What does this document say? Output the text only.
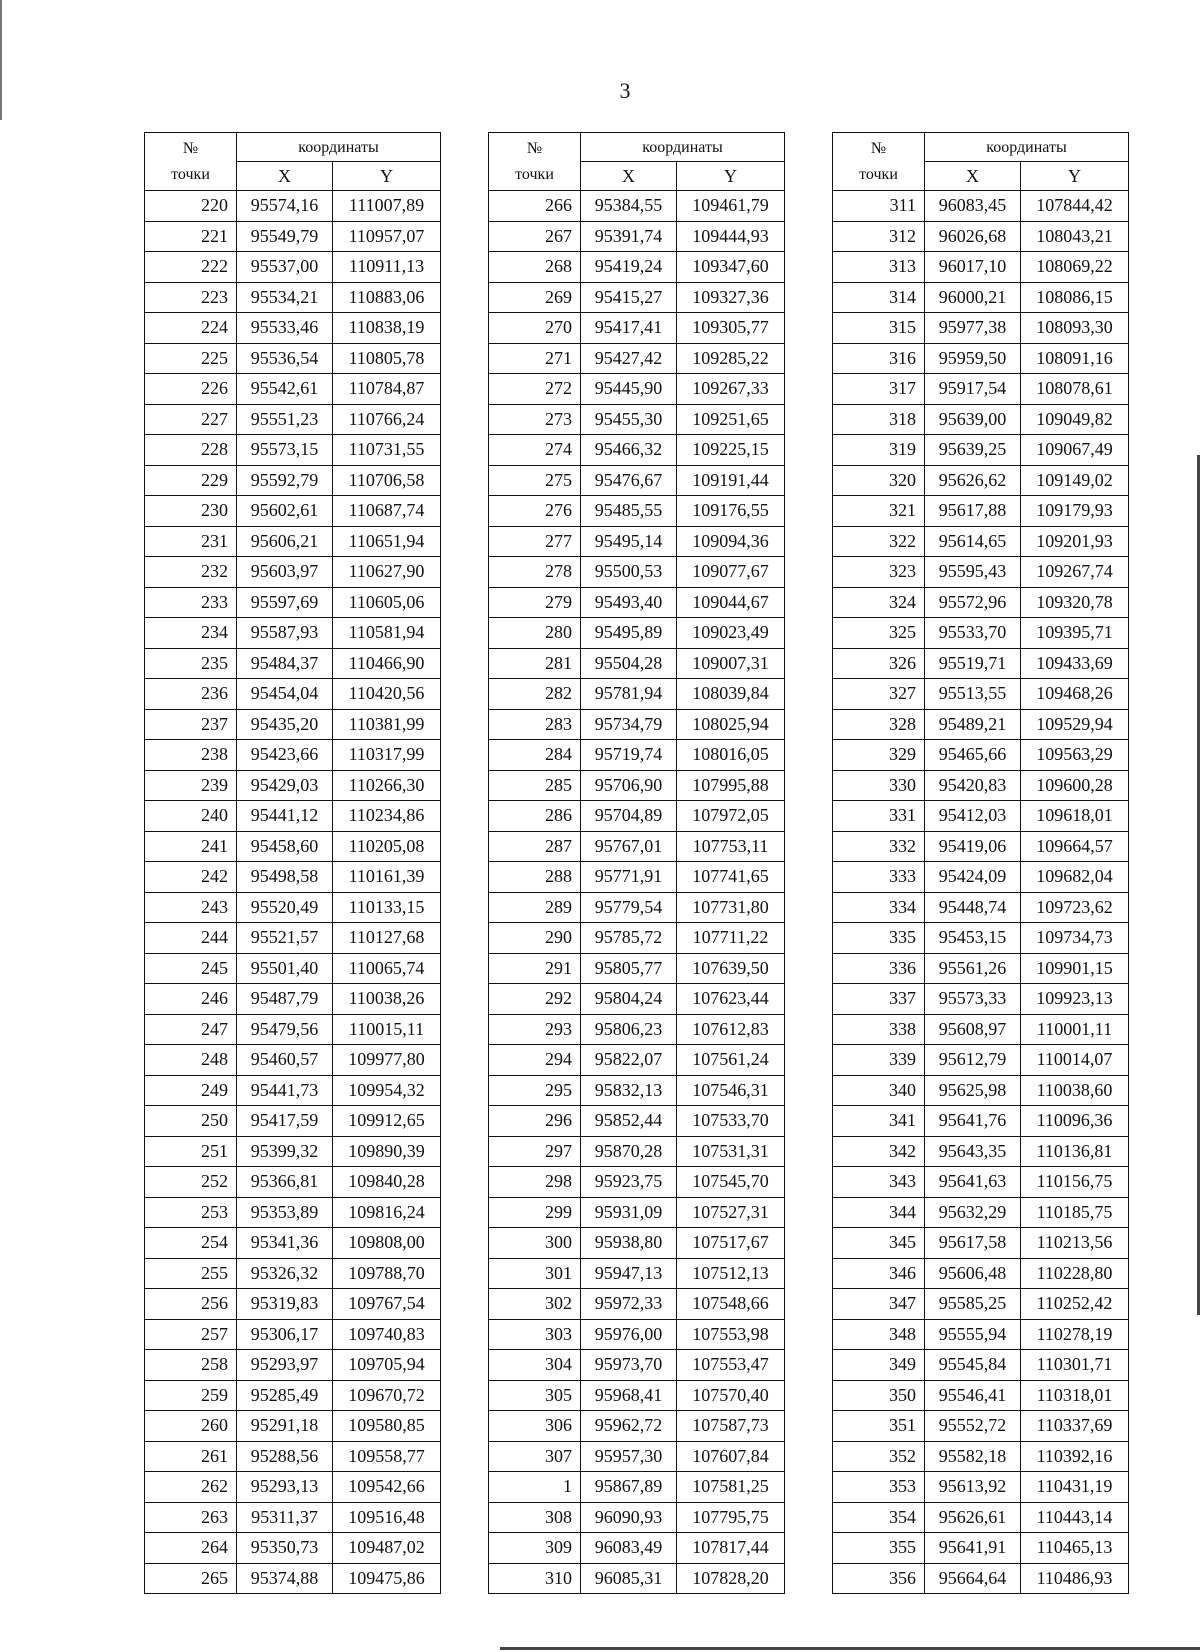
3
№
точки	координаты	
	X	Y
220	95574,16	111007,89
221	95549,79	110957,07
222	95537,00	110911,13
223	95534,21	110883,06
224	95533,46	110838,19
225	95536,54	110805,78
226	95542,61	110784,87
227	95551,23	110766,24
228	95573,15	110731,55
229	95592,79	110706,58
230	95602,61	110687,74
231	95606,21	110651,94
232	95603,97	110627,90
233	95597,69	110605,06
234	95587,93	110581,94
235	95484,37	110466,90
236	95454,04	110420,56
237	95435,20	110381,99
238	95423,66	110317,99
239	95429,03	110266,30
240	95441,12	110234,86
241	95458,60	110205,08
242	95498,58	110161,39
243	95520,49	110133,15
244	95521,57	110127,68
245	95501,40	110065,74
246	95487,79	110038,26
247	95479,56	110015,11
248	95460,57	109977,80
249	95441,73	109954,32
250	95417,59	109912,65
251	95399,32	109890,39
252	95366,81	109840,28
253	95353,89	109816,24
254	95341,36	109808,00
255	95326,32	109788,70
256	95319,83	109767,54
257	95306,17	109740,83
258	95293,97	109705,94
259	95285,49	109670,72
260	95291,18	109580,85
261	95288,56	109558,77
262	95293,13	109542,66
263	95311,37	109516,48
264	95350,73	109487,02
265	95374,88	109475,86
№
точки	координаты	
	X	Y
266	95384,55	109461,79
267	95391,74	109444,93
268	95419,24	109347,60
269	95415,27	109327,36
270	95417,41	109305,77
271	95427,42	109285,22
272	95445,90	109267,33
273	95455,30	109251,65
274	95466,32	109225,15
275	95476,67	109191,44
276	95485,55	109176,55
277	95495,14	109094,36
278	95500,53	109077,67
279	95493,40	109044,67
280	95495,89	109023,49
281	95504,28	109007,31
282	95781,94	108039,84
283	95734,79	108025,94
284	95719,74	108016,05
285	95706,90	107995,88
286	95704,89	107972,05
287	95767,01	107753,11
288	95771,91	107741,65
289	95779,54	107731,80
290	95785,72	107711,22
291	95805,77	107639,50
292	95804,24	107623,44
293	95806,23	107612,83
294	95822,07	107561,24
295	95832,13	107546,31
296	95852,44	107533,70
297	95870,28	107531,31
298	95923,75	107545,70
299	95931,09	107527,31
300	95938,80	107517,67
301	95947,13	107512,13
302	95972,33	107548,66
303	95976,00	107553,98
304	95973,70	107553,47
305	95968,41	107570,40
306	95962,72	107587,73
307	95957,30	107607,84
1	95867,89	107581,25
308	96090,93	107795,75
309	96083,49	107817,44
310	96085,31	107828,20
№
точки	координаты	
	X	Y
311	96083,45	107844,42
312	96026,68	108043,21
313	96017,10	108069,22
314	96000,21	108086,15
315	95977,38	108093,30
316	95959,50	108091,16
317	95917,54	108078,61
318	95639,00	109049,82
319	95639,25	109067,49
320	95626,62	109149,02
321	95617,88	109179,93
322	95614,65	109201,93
323	95595,43	109267,74
324	95572,96	109320,78
325	95533,70	109395,71
326	95519,71	109433,69
327	95513,55	109468,26
328	95489,21	109529,94
329	95465,66	109563,29
330	95420,83	109600,28
331	95412,03	109618,01
332	95419,06	109664,57
333	95424,09	109682,04
334	95448,74	109723,62
335	95453,15	109734,73
336	95561,26	109901,15
337	95573,33	109923,13
338	95608,97	110001,11
339	95612,79	110014,07
340	95625,98	110038,60
341	95641,76	110096,36
342	95643,35	110136,81
343	95641,63	110156,75
344	95632,29	110185,75
345	95617,58	110213,56
346	95606,48	110228,80
347	95585,25	110252,42
348	95555,94	110278,19
349	95545,84	110301,71
350	95546,41	110318,01
351	95552,72	110337,69
352	95582,18	110392,16
353	95613,92	110431,19
354	95626,61	110443,14
355	95641,91	110465,13
356	95664,64	110486,93
